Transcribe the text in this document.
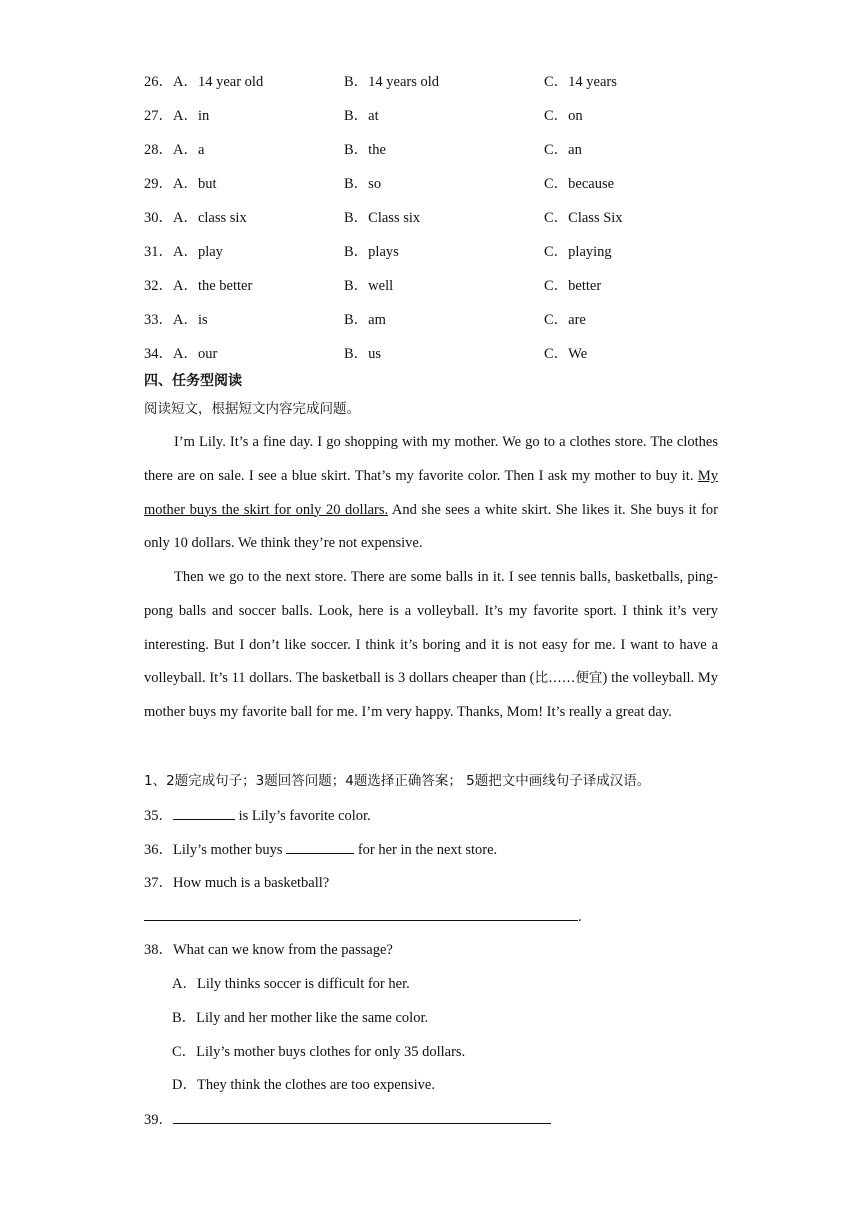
26．A．14 year old	B．14 years old	C．14 years
27．A．in	B．at	C．on
28．A．a	B．the	C．an
29．A．but	B．so	C．because
30．A．class six	B．Class six	C．Class Six
31．A．play	B．plays	C．playing
32．A．the better	B．well	C．better
33．A．is	B．am	C．are
34．A．our	B．us	C．We
四、任务型阅读
阅读短文，根据短文内容完成问题。

I’m Lily. It’s a fine day. I go shopping with my mother. We go to a clothes store. The clothes there are on sale. I see a blue skirt. That’s my favorite color. Then I ask my mother to buy it. My mother buys the skirt for only 20 dollars. And she sees a white skirt. She likes it. She buys it for only 10 dollars. We think they’re not expensive.

Then we go to the next store. There are some balls in it. I see tennis balls, basketballs, ping-pong balls and soccer balls. Look, here is a volleyball. It’s my favorite sport. I think it’s very interesting. But I don’t like soccer. I think it’s boring and it is not easy for me. I want to have a volleyball. It’s 11 dollars. The basketball is 3 dollars cheaper than (比……便宜) the volleyball. My mother buys my favorite ball for me. I’m very happy. Thanks, Mom! It’s really a great day.

1、2题完成句子；3题回答问题；4题选择正确答案； 5题把文中画线句子译成汉语。
35．	is Lily’s favorite color.
36．Lily’s mother buys	for her in the next store.
37．How much is a basketball?
.
38．What can we know from the passage?
A．Lily thinks soccer is difficult for her.
B．Lily and her mother like the same color.
C．Lily’s mother buys clothes for only 35 dollars.
D．They think the clothes are too expensive.
39．
